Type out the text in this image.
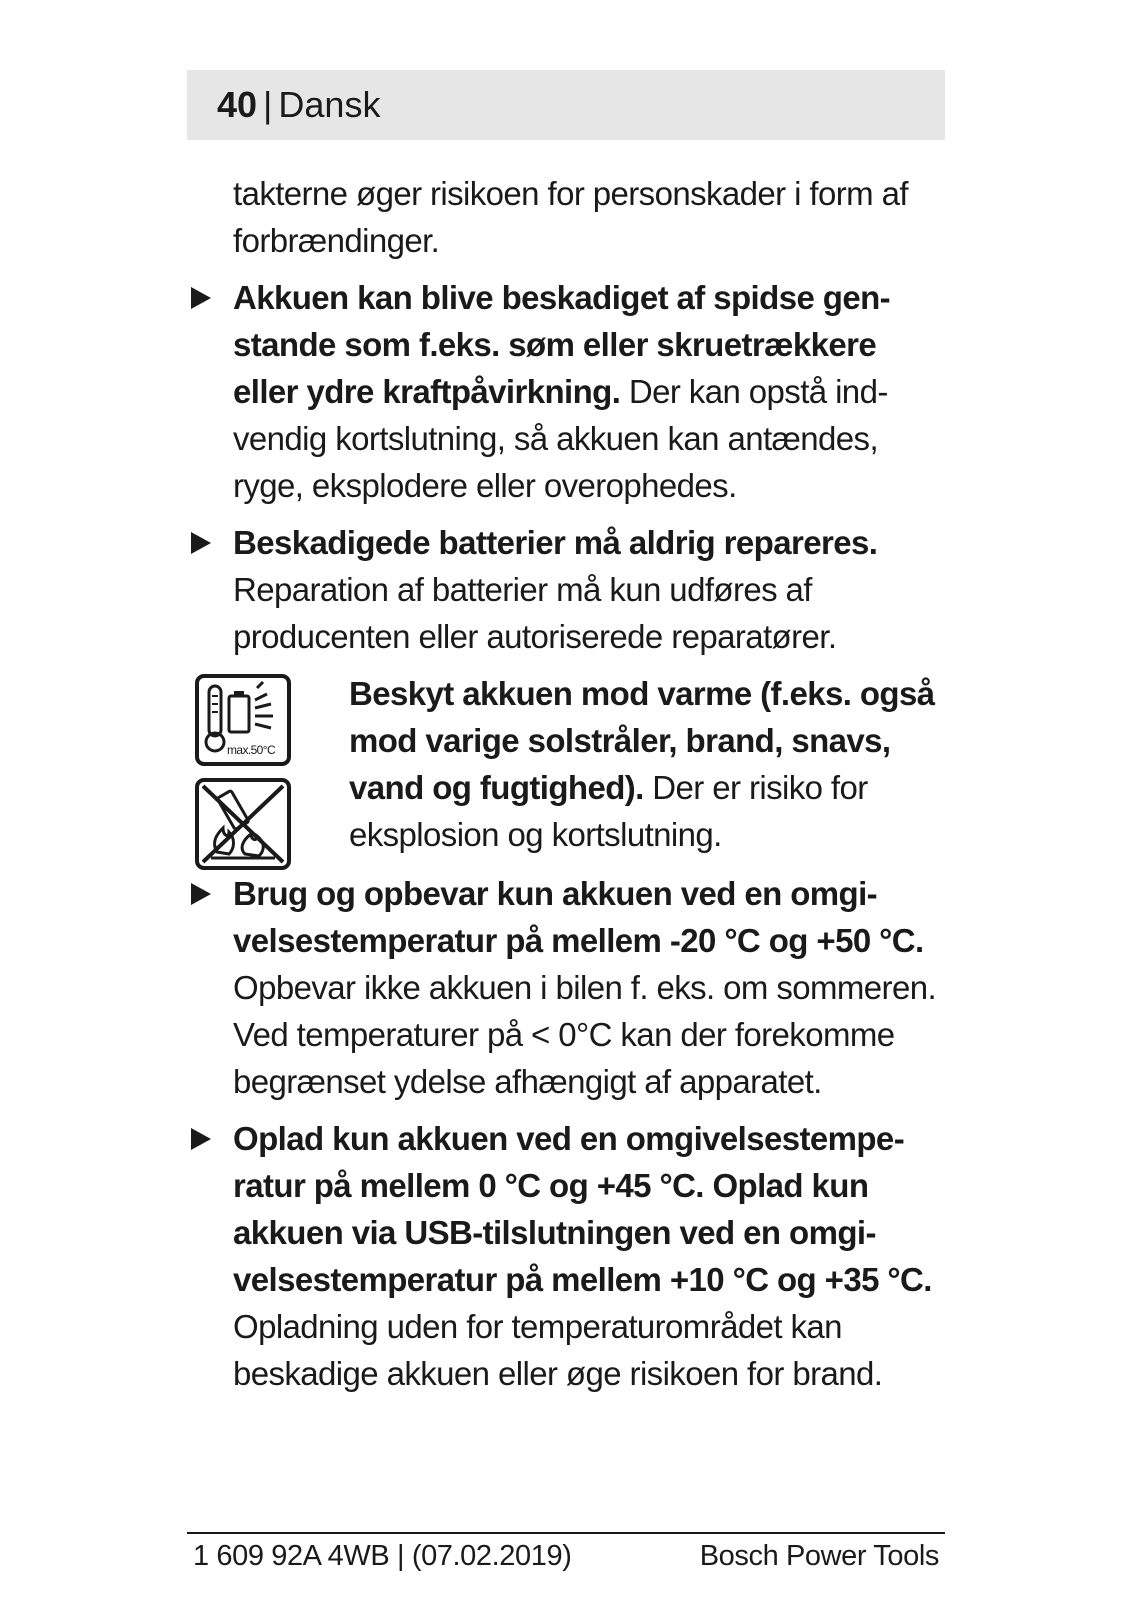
40 | Dansk
takterne øger risikoen for personskader i form af forbrændinger.
Akkuen kan blive beskadiget af spidse genstande som f.eks. søm eller skruetrækkere eller ydre kraftpåvirkning. Der kan opstå indvendig kortslutning, så akkuen kan antændes, ryge, eksplodere eller overophedes.
Beskadigede batterier må aldrig repareres. Reparation af batterier må kun udføres af producenten eller autoriserede reparatører.
max.50°C
Beskyt akkuen mod varme (f.eks. også mod varige solstråler, brand, snavs, vand og fugtighed). Der er risiko for eksplosion og kortslutning.
Brug og opbevar kun akkuen ved en omgivelsestemperatur på mellem -20 °C og +50 °C. Opbevar ikke akkuen i bilen f. eks. om sommeren. Ved temperaturer på < 0°C kan der forekomme begrænset ydelse afhængigt af apparatet.
Oplad kun akkuen ved en omgivelsestemperatur på mellem 0 °C og +45 °C. Oplad kun akkuen via USB-tilslutningen ved en omgivelsestemperatur på mellem +10 °C og +35 °C. Opladning uden for temperaturområdet kan beskadige akkuen eller øge risikoen for brand.
1 609 92A 4WB | (07.02.2019)	Bosch Power Tools
